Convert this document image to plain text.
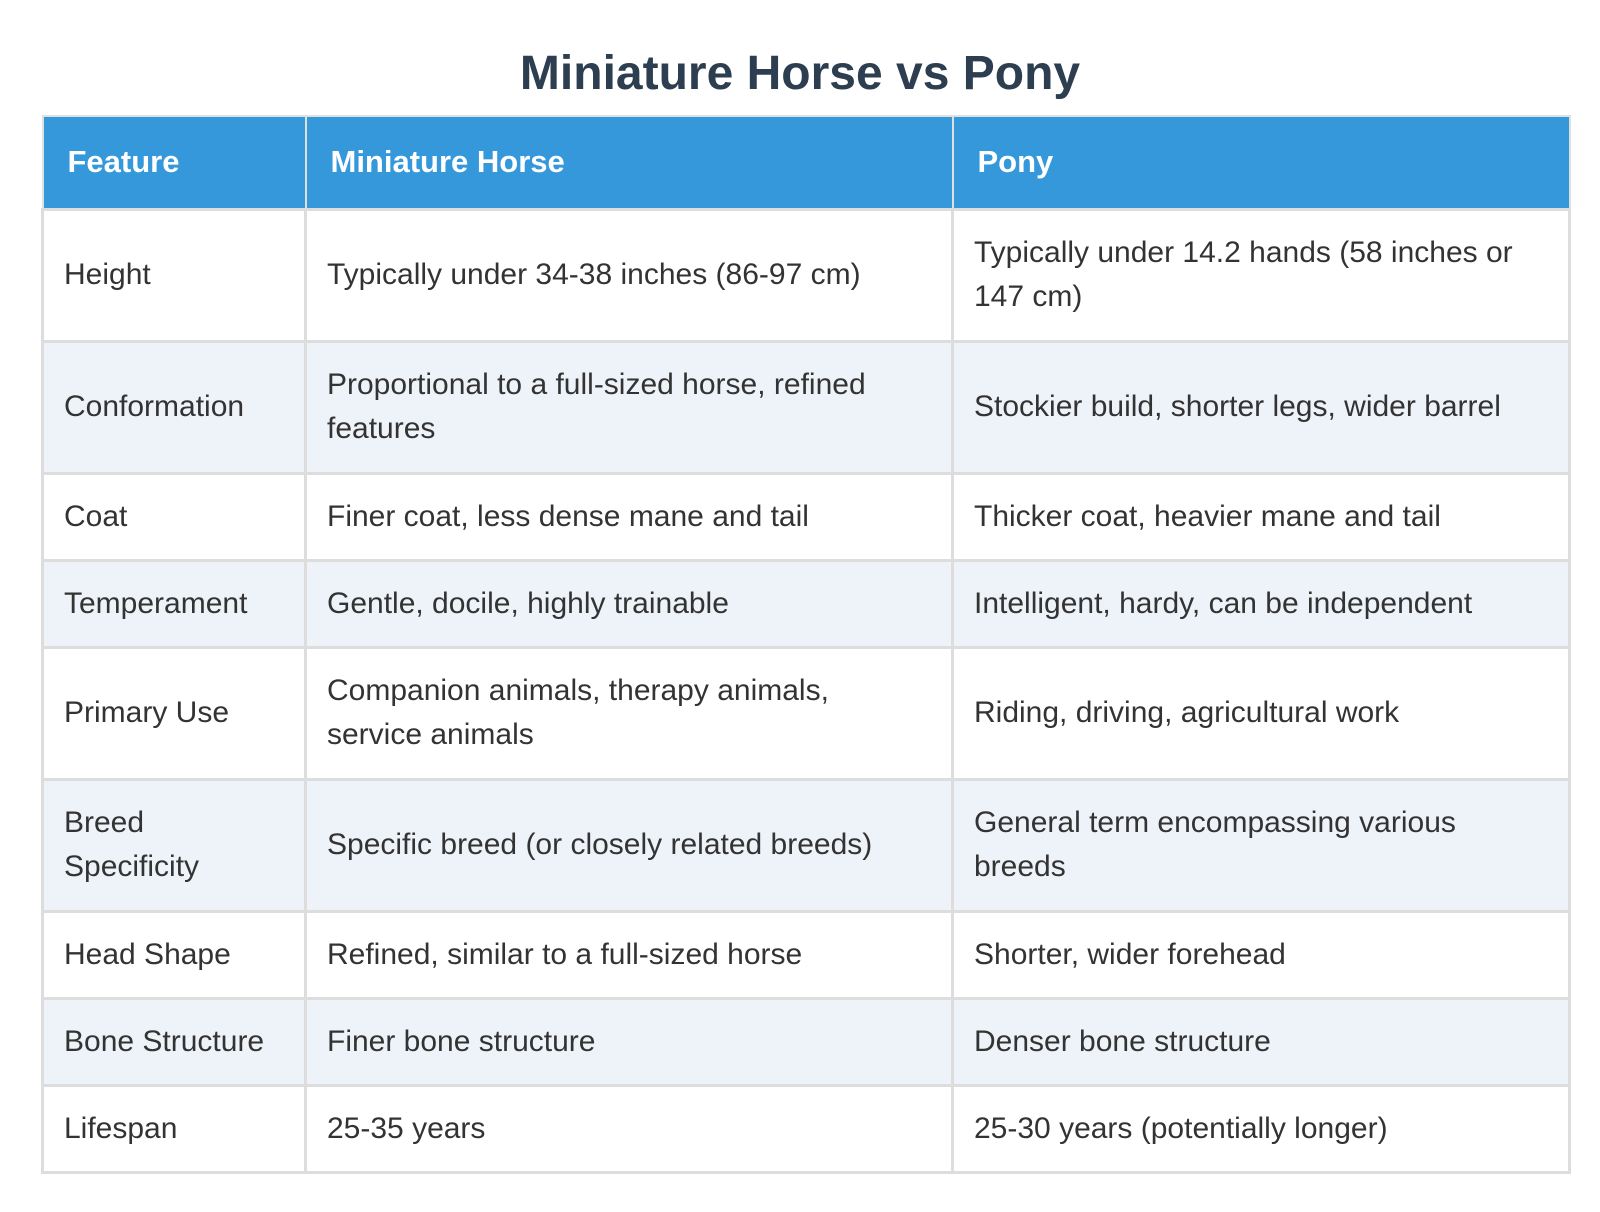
Miniature Horse vs Pony
Feature	Miniature Horse	Pony
Height	Typically under 34-38 inches (86-97 cm)	Typically under 14.2 hands (58 inches or 147 cm)
Conformation	Proportional to a full-sized horse, refined features	Stockier build, shorter legs, wider barrel
Coat	Finer coat, less dense mane and tail	Thicker coat, heavier mane and tail
Temperament	Gentle, docile, highly trainable	Intelligent, hardy, can be independent
Primary Use	Companion animals, therapy animals, service animals	Riding, driving, agricultural work
Breed Specificity	Specific breed (or closely related breeds)	General term encompassing various breeds
Head Shape	Refined, similar to a full-sized horse	Shorter, wider forehead
Bone Structure	Finer bone structure	Denser bone structure
Lifespan	25-35 years	25-30 years (potentially longer)
